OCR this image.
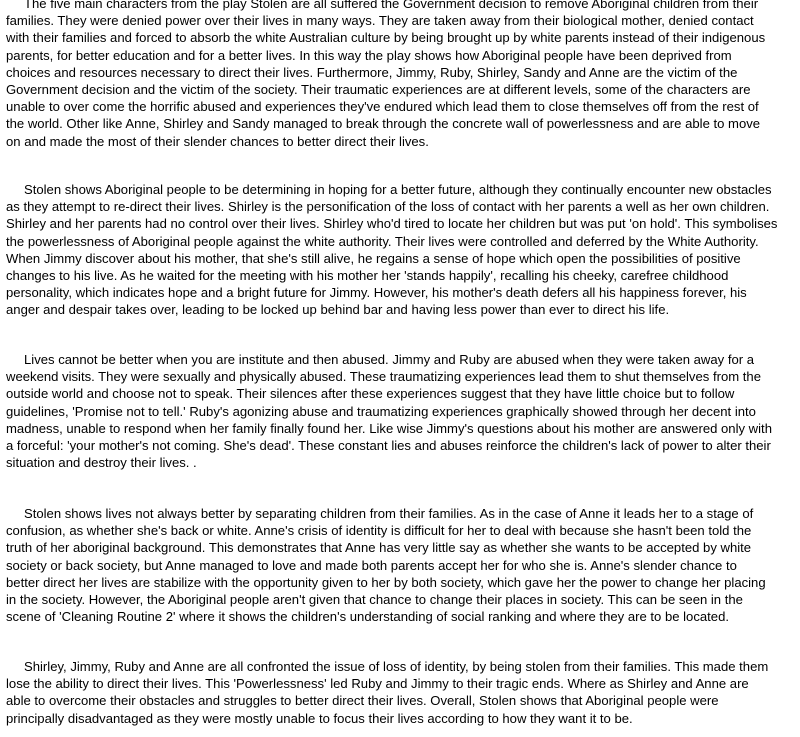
The five main characters from the play Stolen are all suffered the Government decision to remove Aboriginal children from their
families. They were denied power over their lives in many ways. They are taken away from their biological mother, denied contact
with their families and forced to absorb the white Australian culture by being brought up by white parents instead of their indigenous
parents, for better education and for a better lives. In this way the play shows how Aboriginal people have been deprived from
choices and resources necessary to direct their lives. Furthermore, Jimmy, Ruby, Shirley, Sandy and Anne are the victim of the
Government decision and the victim of the society. Their traumatic experiences are at different levels, some of the characters are
unable to over come the horrific abused and experiences they've endured which lead them to close themselves off from the rest of
the world. Other like Anne, Shirley and Sandy managed to break through the concrete wall of powerlessness and are able to move
on and made the most of their slender chances to better direct their lives.
Stolen shows Aboriginal people to be determining in hoping for a better future, although they continually encounter new obstacles
as they attempt to re-direct their lives. Shirley is the personification of the loss of contact with her parents a well as her own children.
Shirley and her parents had no control over their lives. Shirley who'd tired to locate her children but was put 'on hold'. This symbolises
the powerlessness of Aboriginal people against the white authority. Their lives were controlled and deferred by the White Authority.
When Jimmy discover about his mother, that she's still alive, he regains a sense of hope which open the possibilities of positive
changes to his live. As he waited for the meeting with his mother her 'stands happily', recalling his cheeky, carefree childhood
personality, which indicates hope and a bright future for Jimmy. However, his mother's death defers all his happiness forever, his
anger and despair takes over, leading to be locked up behind bar and having less power than ever to direct his life.
Lives cannot be better when you are institute and then abused. Jimmy and Ruby are abused when they were taken away for a
weekend visits. They were sexually and physically abused. These traumatizing experiences lead them to shut themselves from the
outside world and choose not to speak. Their silences after these experiences suggest that they have little choice but to follow
guidelines, 'Promise not to tell.' Ruby's agonizing abuse and traumatizing experiences graphically showed through her decent into
madness, unable to respond when her family finally found her. Like wise Jimmy's questions about his mother are answered only with
a forceful: 'your mother's not coming. She's dead'. These constant lies and abuses reinforce the children's lack of power to alter their
situation and destroy their lives. .
Stolen shows lives not always better by separating children from their families. As in the case of Anne it leads her to a stage of
confusion, as whether she's back or white. Anne's crisis of identity is difficult for her to deal with because she hasn't been told the
truth of her aboriginal background. This demonstrates that Anne has very little say as whether she wants to be accepted by white
society or back society, but Anne managed to love and made both parents accept her for who she is. Anne's slender chance to
better direct her lives are stabilize with the opportunity given to her by both society, which gave her the power to change her placing
in the society. However, the Aboriginal people aren't given that chance to change their places in society. This can be seen in the
scene of 'Cleaning Routine 2' where it shows the children's understanding of social ranking and where they are to be located.
Shirley, Jimmy, Ruby and Anne are all confronted the issue of loss of identity, by being stolen from their families. This made them
lose the ability to direct their lives. This 'Powerlessness' led Ruby and Jimmy to their tragic ends. Where as Shirley and Anne are
able to overcome their obstacles and struggles to better direct their lives. Overall, Stolen shows that Aboriginal people were
principally disadvantaged as they were mostly unable to focus their lives according to how they want it to be.
